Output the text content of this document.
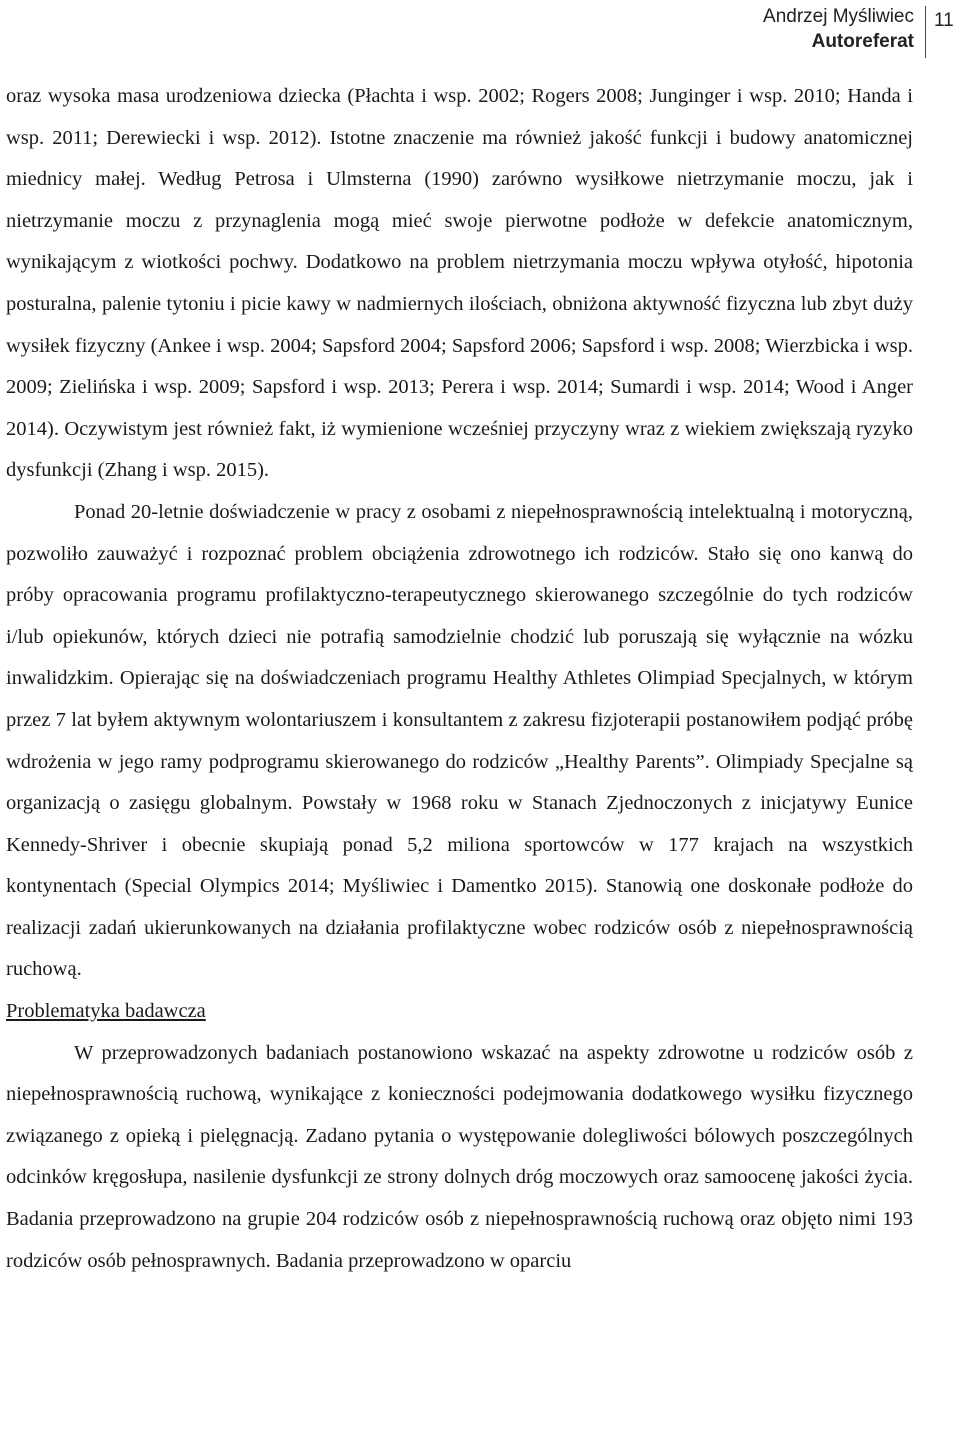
Andrzej Myśliwiec
Autoreferat
11

oraz wysoka masa urodzeniowa dziecka (Płachta i wsp. 2002; Rogers 2008; Junginger i wsp. 2010; Handa i wsp. 2011; Derewiecki i wsp. 2012). Istotne znaczenie ma również jakość funkcji i budowy anatomicznej miednicy małej. Według Petrosa i Ulmsterna (1990) zarówno wysiłkowe nietrzymanie moczu, jak i nietrzymanie moczu z przynaglenia mogą mieć swoje pierwotne podłoże w defekcie anatomicznym, wynikającym z wiotkości pochwy. Dodatkowo na problem nietrzymania moczu wpływa otyłość, hipotonia posturalna, palenie tytoniu i picie kawy w nadmiernych ilościach, obniżona aktywność fizyczna lub zbyt duży wysiłek fizyczny (Ankee i wsp. 2004; Sapsford 2004; Sapsford 2006; Sapsford i wsp. 2008; Wierzbicka i wsp. 2009; Zielińska i wsp. 2009; Sapsford i wsp. 2013; Perera i wsp. 2014; Sumardi i wsp. 2014; Wood i Anger 2014). Oczywistym jest również fakt, iż wymienione wcześniej przyczyny wraz z wiekiem zwiększają ryzyko dysfunkcji (Zhang i wsp. 2015).

Ponad 20-letnie doświadczenie w pracy z osobami z niepełnosprawnością intelektualną i motoryczną, pozwoliło zauważyć i rozpoznać problem obciążenia zdrowotnego ich rodziców. Stało się ono kanwą do próby opracowania programu profilaktyczno-terapeutycznego skierowanego szczególnie do tych rodziców i/lub opiekunów, których dzieci nie potrafią samodzielnie chodzić lub poruszają się wyłącznie na wózku inwalidzkim. Opierając się na doświadczeniach programu Healthy Athletes Olimpiad Specjalnych, w którym przez 7 lat byłem aktywnym wolontariuszem i konsultantem z zakresu fizjoterapii postanowiłem podjąć próbę wdrożenia w jego ramy podprogramu skierowanego do rodziców „Healthy Parents”. Olimpiady Specjalne są organizacją o zasięgu globalnym. Powstały w 1968 roku w Stanach Zjednoczonych z inicjatywy Eunice Kennedy-Shriver i obecnie skupiają ponad 5,2 miliona sportowców w 177 krajach na wszystkich kontynentach (Special Olympics 2014; Myśliwiec i Damentko 2015). Stanowią one doskonałe podłoże do realizacji zadań ukierunkowanych na działania profilaktyczne wobec rodziców osób z niepełnosprawnością ruchową.

Problematyka badawcza

W przeprowadzonych badaniach postanowiono wskazać na aspekty zdrowotne u rodziców osób z niepełnosprawnością ruchową, wynikające z konieczności podejmowania dodatkowego wysiłku fizycznego związanego z opieką i pielęgnacją. Zadano pytania o występowanie dolegliwości bólowych poszczególnych odcinków kręgosłupa, nasilenie dysfunkcji ze strony dolnych dróg moczowych oraz samoocenę jakości życia. Badania przeprowadzono na grupie 204 rodziców osób z niepełnosprawnością ruchową oraz objęto nimi 193 rodziców osób pełnosprawnych. Badania przeprowadzono w oparciu
